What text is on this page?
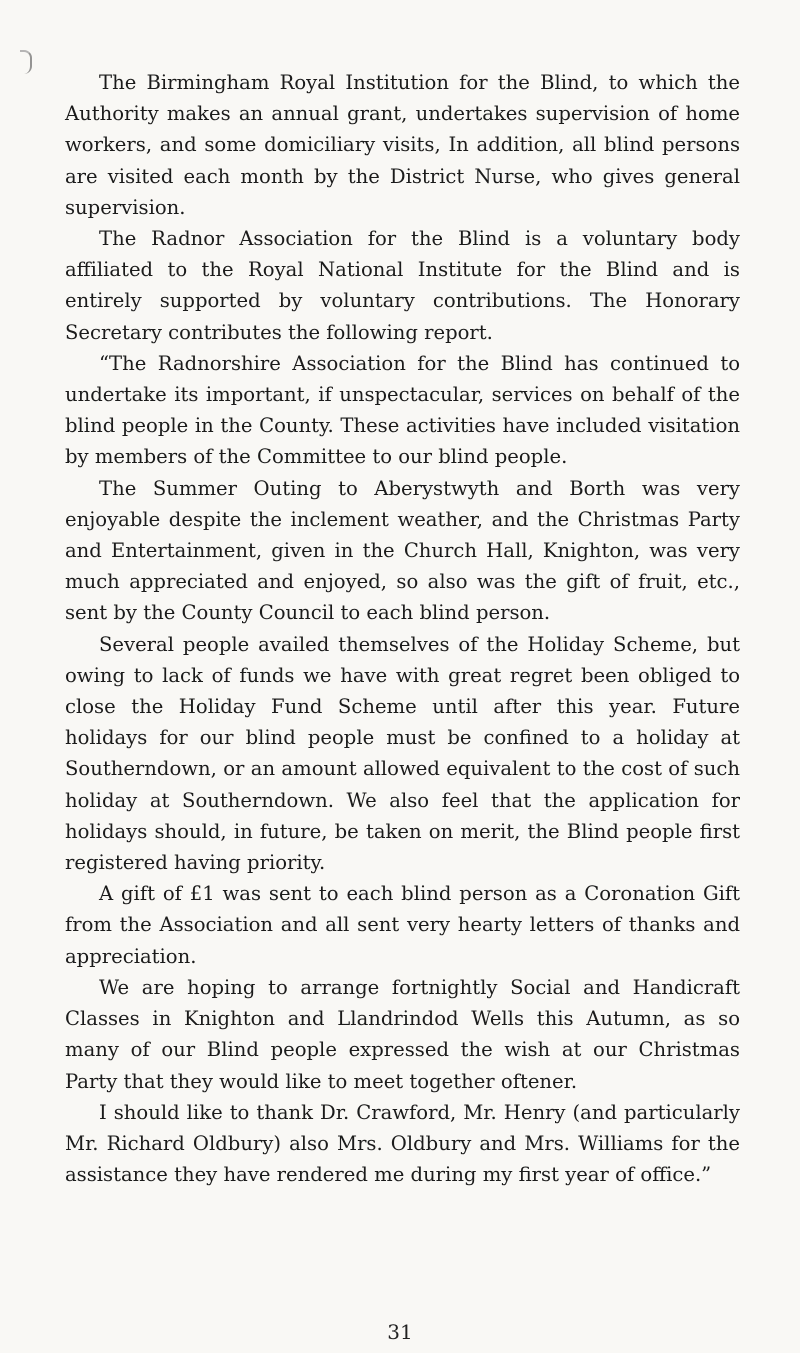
The Birmingham Royal Institution for the Blind, to which the Authority makes an annual grant, undertakes supervision of home workers, and some domiciliary visits, In addition, all blind persons are visited each month by the District Nurse, who gives general supervision.

The Radnor Association for the Blind is a voluntary body affiliated to the Royal National Institute for the Blind and is entirely supported by voluntary contributions. The Honorary Secretary contributes the following report.

“The Radnorshire Association for the Blind has continued to undertake its important, if unspectacular, services on behalf of the blind people in the County. These activities have included visitation by members of the Committee to our blind people.

The Summer Outing to Aberystwyth and Borth was very enjoyable despite the inclement weather, and the Christmas Party and Entertainment, given in the Church Hall, Knighton, was very much appreciated and enjoyed, so also was the gift of fruit, etc., sent by the County Council to each blind person.

Several people availed themselves of the Holiday Scheme, but owing to lack of funds we have with great regret been obliged to close the Holiday Fund Scheme until after this year. Future holidays for our blind people must be confined to a holiday at Southerndown, or an amount allowed equivalent to the cost of such holiday at Southerndown. We also feel that the application for holidays should, in future, be taken on merit, the Blind people first registered having priority.

A gift of £1 was sent to each blind person as a Coronation Gift from the Association and all sent very hearty letters of thanks and appreciation.

We are hoping to arrange fortnightly Social and Handicraft Classes in Knighton and Llandrindod Wells this Autumn, as so many of our Blind people expressed the wish at our Christmas Party that they would like to meet together oftener.

I should like to thank Dr. Crawford, Mr. Henry (and particularly Mr. Richard Oldbury) also Mrs. Oldbury and Mrs. Williams for the assistance they have rendered me during my first year of office.”

31
